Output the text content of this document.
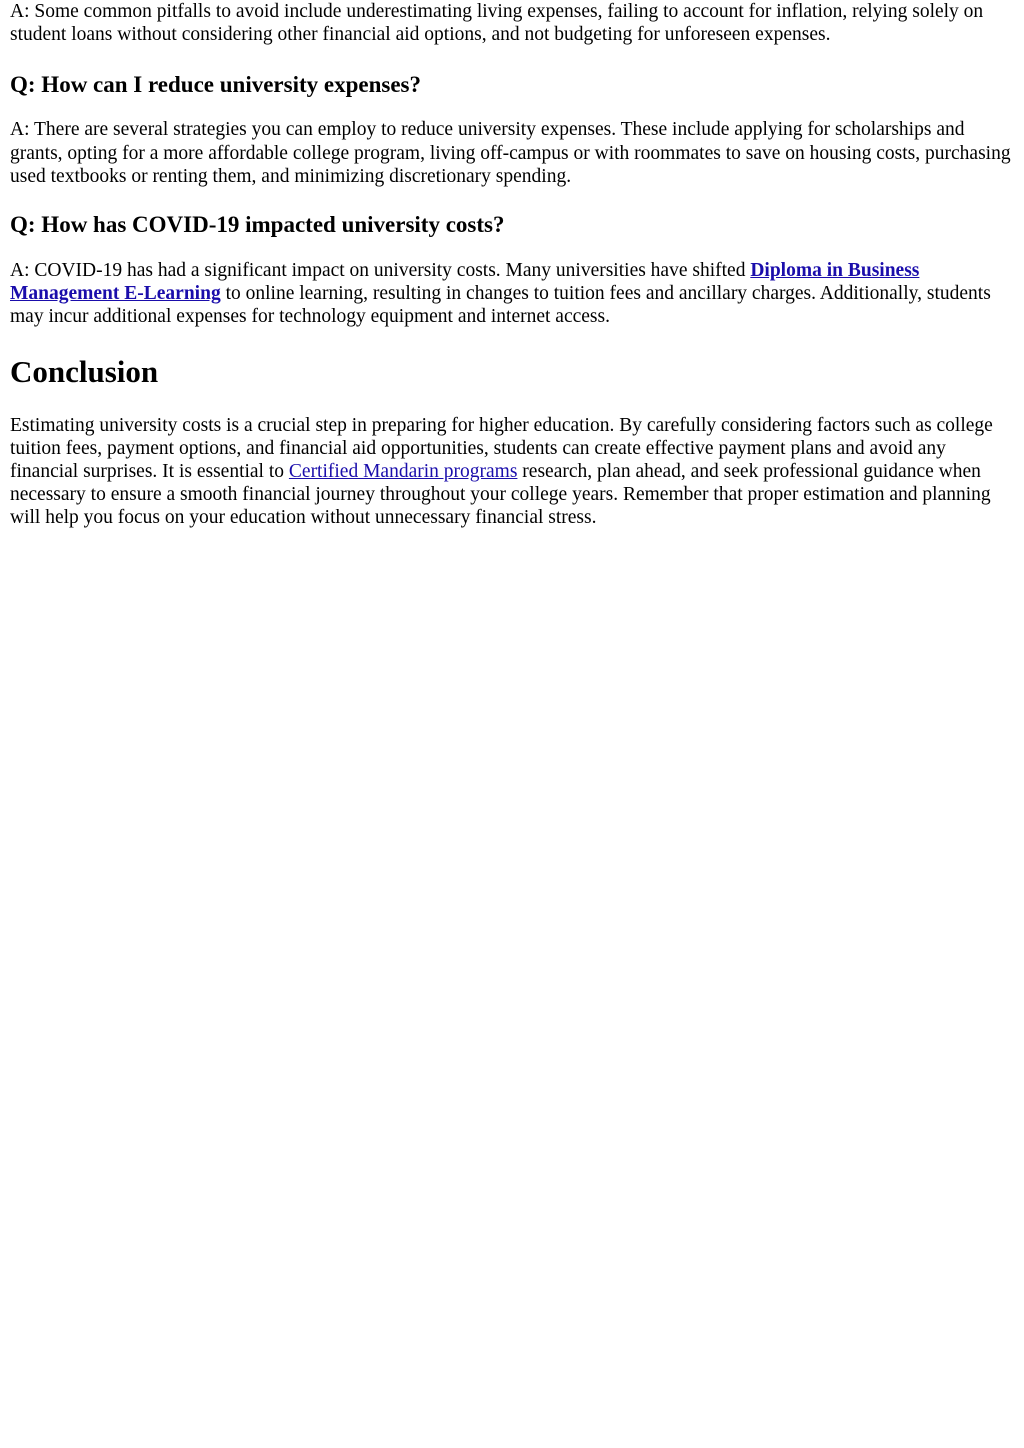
A: Some common pitfalls to avoid include underestimating living expenses, failing to account for inflation, relying solely on student loans without considering other financial aid options, and not budgeting for unforeseen expenses.

Q: How can I reduce university expenses?

A: There are several strategies you can employ to reduce university expenses. These include applying for scholarships and grants, opting for a more affordable college program, living off-campus or with roommates to save on housing costs, purchasing used textbooks or renting them, and minimizing discretionary spending.

Q: How has COVID-19 impacted university costs?

A: COVID-19 has had a significant impact on university costs. Many universities have shifted Diploma in Business Management E-Learning to online learning, resulting in changes to tuition fees and ancillary charges. Additionally, students may incur additional expenses for technology equipment and internet access.

Conclusion

Estimating university costs is a crucial step in preparing for higher education. By carefully considering factors such as college tuition fees, payment options, and financial aid opportunities, students can create effective payment plans and avoid any financial surprises. It is essential to Certified Mandarin programs research, plan ahead, and seek professional guidance when necessary to ensure a smooth financial journey throughout your college years. Remember that proper estimation and planning will help you focus on your education without unnecessary financial stress.
